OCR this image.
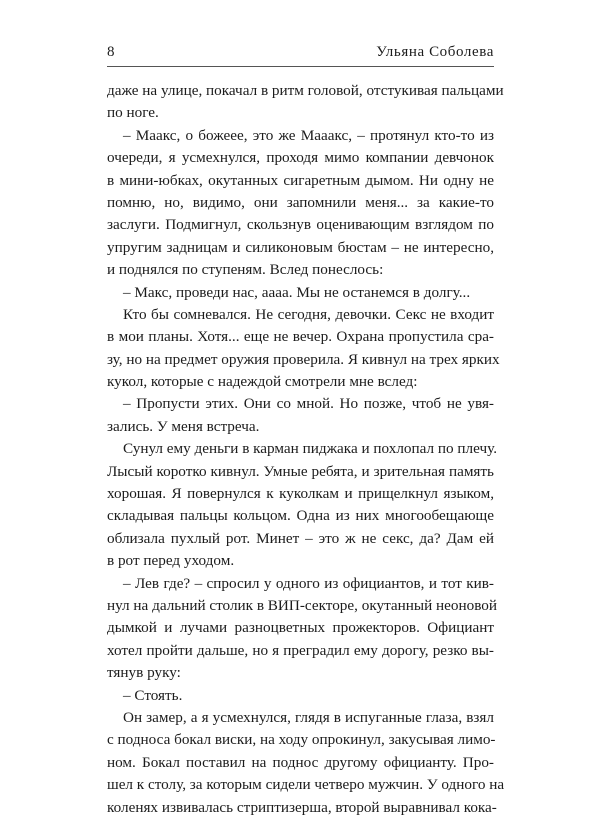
8	Ульяна Соболева
даже на улице, покачал в ритм головой, отстукивая пальцами
по ноге.
– Маакс, о божеее, это же Мааакс, – протянул кто-то из
очереди, я усмехнулся, проходя мимо компании девчонок
в мини-юбках, окутанных сигаретным дымом. Ни одну не
помню, но, видимо, они запомнили меня... за какие-то
заслуги. Подмигнул, скользнув оценивающим взглядом по
упругим задницам и силиконовым бюстам – не интересно,
и поднялся по ступеням. Вслед понеслось:
– Макс, проведи нас, аааа. Мы не останемся в долгу...
Кто бы сомневался. Не сегодня, девочки. Секс не входит
в мои планы. Хотя... еще не вечер. Охрана пропустила сра-
зу, но на предмет оружия проверила. Я кивнул на трех ярких
кукол, которые с надеждой смотрели мне вслед:
– Пропусти этих. Они со мной. Но позже, чтоб не увя-
зались. У меня встреча.
Сунул ему деньги в карман пиджака и похлопал по плечу.
Лысый коротко кивнул. Умные ребята, и зрительная память
хорошая. Я повернулся к куколкам и прищелкнул языком,
складывая пальцы кольцом. Одна из них многообещающе
облизала пухлый рот. Минет – это ж не секс, да? Дам ей
в рот перед уходом.
– Лев где? – спросил у одного из официантов, и тот кив-
нул на дальний столик в ВИП-секторе, окутанный неоновой
дымкой и лучами разноцветных прожекторов. Официант
хотел пройти дальше, но я преградил ему дорогу, резко вы-
тянув руку:
– Стоять.
Он замер, а я усмехнулся, глядя в испуганные глаза, взял
с подноса бокал виски, на ходу опрокинул, закусывая лимо-
ном. Бокал поставил на поднос другому официанту. Про-
шел к столу, за которым сидели четверо мужчин. У одного на
коленях извивалась стриптизерша, второй выравнивал кока-
